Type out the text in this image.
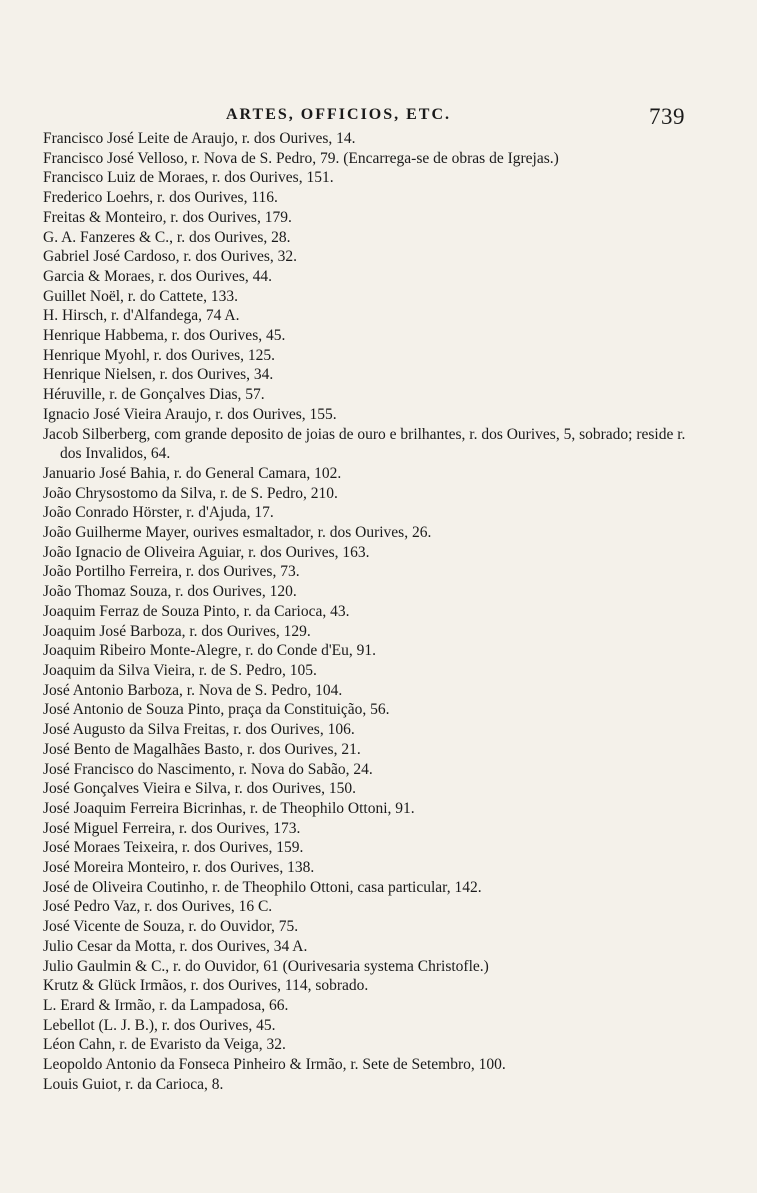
ARTES, OFFICIOS, ETC.	739
Francisco José Leite de Araujo, r. dos Ourives, 14.
Francisco José Velloso, r. Nova de S. Pedro, 79. (Encarrega-se de obras de Igrejas.)
Francisco Luiz de Moraes, r. dos Ourives, 151.
Frederico Loehrs, r. dos Ourives, 116.
Freitas & Monteiro, r. dos Ourives, 179.
G. A. Fanzeres & C., r. dos Ourives, 28.
Gabriel José Cardoso, r. dos Ourives, 32.
Garcia & Moraes, r. dos Ourives, 44.
Guillet Noël, r. do Cattete, 133.
H. Hirsch, r. d'Alfandega, 74 A.
Henrique Habbema, r. dos Ourives, 45.
Henrique Myohl, r. dos Ourives, 125.
Henrique Nielsen, r. dos Ourives, 34.
Héruville, r. de Gonçalves Dias, 57.
Ignacio José Vieira Araujo, r. dos Ourives, 155.
Jacob Silberberg, com grande deposito de joias de ouro e brilhantes, r. dos Ourives, 5, sobrado; reside r. dos Invalidos, 64.
Januario José Bahia, r. do General Camara, 102.
João Chrysostomo da Silva, r. de S. Pedro, 210.
João Conrado Hörster, r. d'Ajuda, 17.
João Guilherme Mayer, ourives esmaltador, r. dos Ourives, 26.
João Ignacio de Oliveira Aguiar, r. dos Ourives, 163.
João Portilho Ferreira, r. dos Ourives, 73.
João Thomaz Souza, r. dos Ourives, 120.
Joaquim Ferraz de Souza Pinto, r. da Carioca, 43.
Joaquim José Barboza, r. dos Ourives, 129.
Joaquim Ribeiro Monte-Alegre, r. do Conde d'Eu, 91.
Joaquim da Silva Vieira, r. de S. Pedro, 105.
José Antonio Barboza, r. Nova de S. Pedro, 104.
José Antonio de Souza Pinto, praça da Constituição, 56.
José Augusto da Silva Freitas, r. dos Ourives, 106.
José Bento de Magalhães Basto, r. dos Ourives, 21.
José Francisco do Nascimento, r. Nova do Sabão, 24.
José Gonçalves Vieira e Silva, r. dos Ourives, 150.
José Joaquim Ferreira Bicrinhas, r. de Theophilo Ottoni, 91.
José Miguel Ferreira, r. dos Ourives, 173.
José Moraes Teixeira, r. dos Ourives, 159.
José Moreira Monteiro, r. dos Ourives, 138.
José de Oliveira Coutinho, r. de Theophilo Ottoni, casa particular, 142.
José Pedro Vaz, r. dos Ourives, 16 C.
José Vicente de Souza, r. do Ouvidor, 75.
Julio Cesar da Motta, r. dos Ourives, 34 A.
Julio Gaulmin & C., r. do Ouvidor, 61 (Ourivesaria systema Christofle.)
Krutz & Glück Irmãos, r. dos Ourives, 114, sobrado.
L. Erard & Irmão, r. da Lampadosa, 66.
Lebellot (L. J. B.), r. dos Ourives, 45.
Léon Cahn, r. de Evaristo da Veiga, 32.
Leopoldo Antonio da Fonseca Pinheiro & Irmão, r. Sete de Setembro, 100.
Louis Guiot, r. da Carioca, 8.
